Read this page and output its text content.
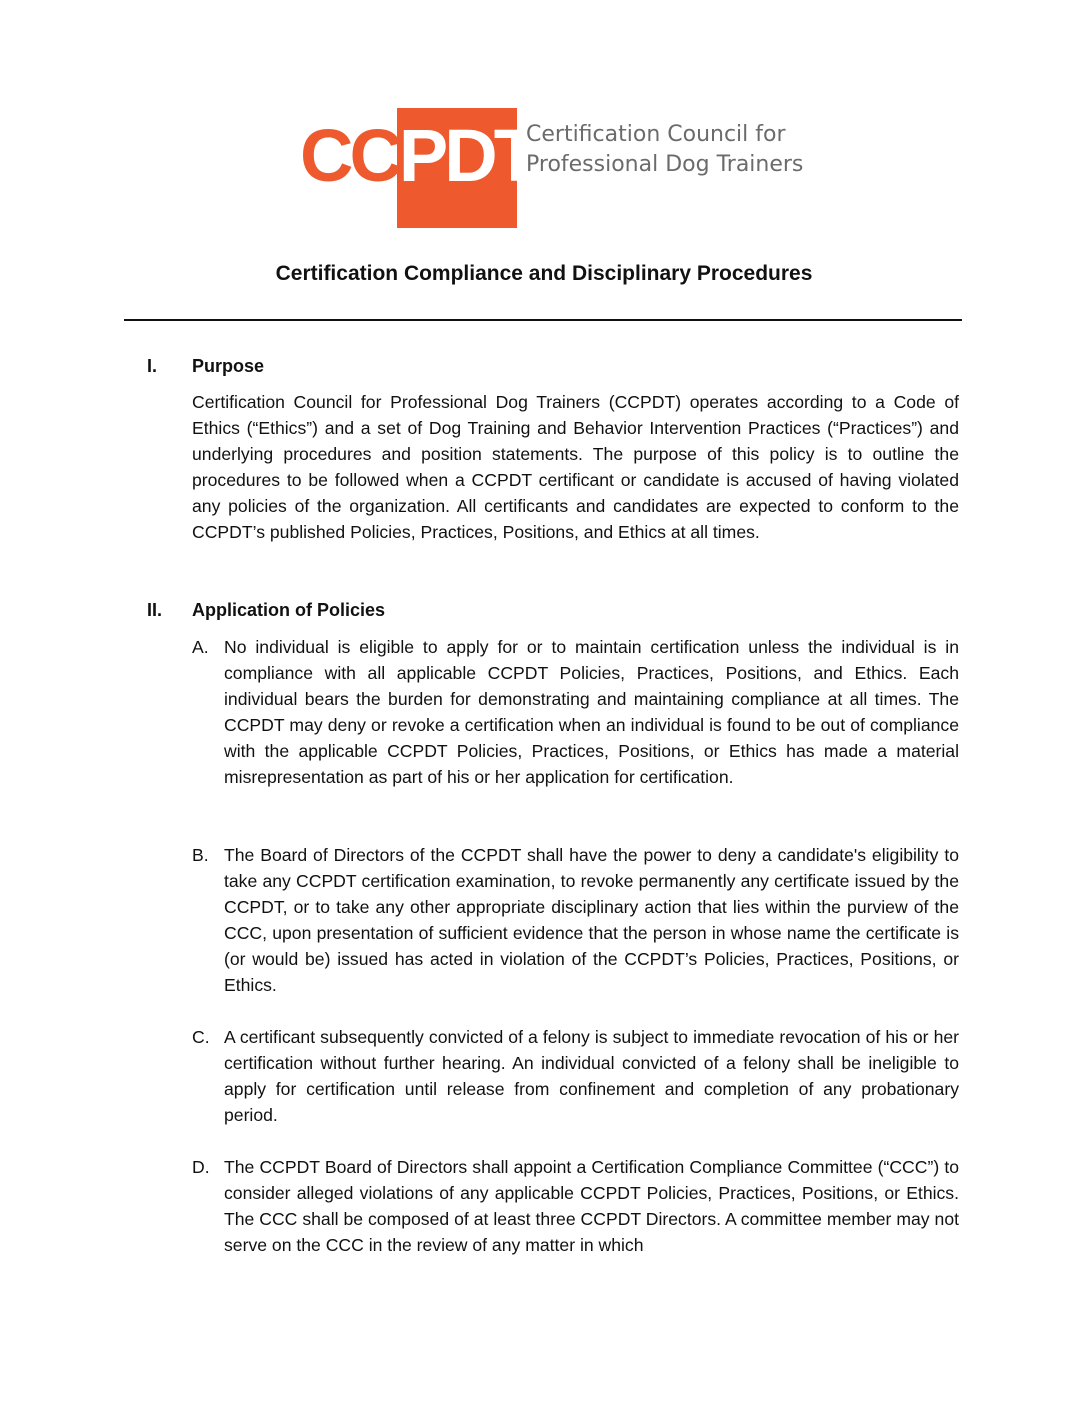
CCPDT
Certification Council for
Professional Dog Trainers
Certification Compliance and Disciplinary Procedures
I. Purpose

Certification Council for Professional Dog Trainers (CCPDT) operates according to a Code of Ethics (“Ethics”) and a set of Dog Training and Behavior Intervention Practices (“Practices”) and underlying procedures and position statements. The purpose of this policy is to outline the procedures to be followed when a CCPDT certificant or candidate is accused of having violated any policies of the organization. All certificants and candidates are expected to conform to the CCPDT’s published Policies, Practices, Positions, and Ethics at all times.

II. Application of Policies
A. No individual is eligible to apply for or to maintain certification unless the individual is in compliance with all applicable CCPDT Policies, Practices, Positions, and Ethics. Each individual bears the burden for demonstrating and maintaining compliance at all times. The CCPDT may deny or revoke a certification when an individual is found to be out of compliance with the applicable CCPDT Policies, Practices, Positions, or Ethics has made a material misrepresentation as part of his or her application for certification.
B. The Board of Directors of the CCPDT shall have the power to deny a candidate's eligibility to take any CCPDT certification examination, to revoke permanently any certificate issued by the CCPDT, or to take any other appropriate disciplinary action that lies within the purview of the CCC, upon presentation of sufficient evidence that the person in whose name the certificate is (or would be) issued has acted in violation of the CCPDT’s Policies, Practices, Positions, or Ethics.
C. A certificant subsequently convicted of a felony is subject to immediate revocation of his or her certification without further hearing. An individual convicted of a felony shall be ineligible to apply for certification until release from confinement and completion of any probationary period.
D. The CCPDT Board of Directors shall appoint a Certification Compliance Committee (“CCC”) to consider alleged violations of any applicable CCPDT Policies, Practices, Positions, or Ethics. The CCC shall be composed of at least three CCPDT Directors. A committee member may not serve on the CCC in the review of any matter in which
